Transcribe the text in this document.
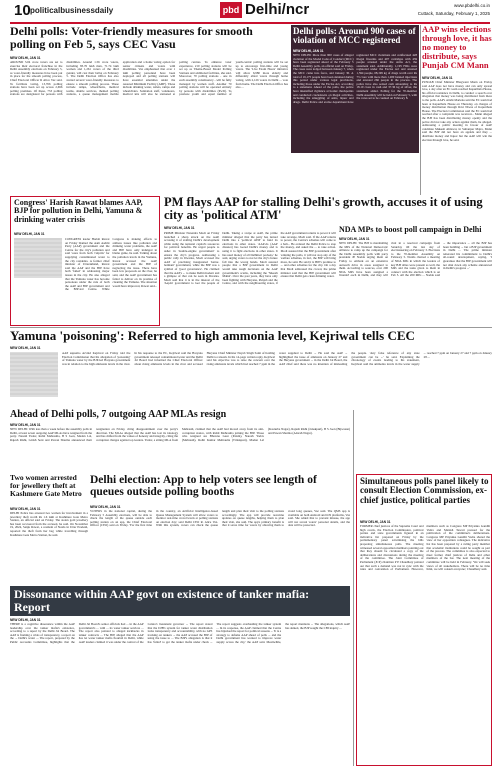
10 politicalbusinessdaily	pbd Delhi/ncr	www.pbdelhi.co.in
Cuttack, Saturday, February 1, 2025
Delhi polls: Voter-friendly measures for smooth polling on Feb 5, says CEC Vasu
NEW DELHI, JAN 31
AROUND 3.04 crore voters are set to exercise their electoral franchise in the Delhi Assembly elections on February 5, as voter-friendly measures have been put in place for the smooth polling process, Chief Electoral Officer R Alice Vaz said. To facilitate voting, 13,766 polling stations have been set up across 2,696 polling premises. Of these, 733 polling stations are designated for persons with disabilities. Around 1.56 crore voters, including 83.76 lakh men, 71.74 lakh women and 1,261 voters of the third gender, will cast their ballot on February 5. The Delhi Election Office has also started several voter-friendly measures to ensure a smooth polling process. These include ramps, wheelchairs, medical teams, shuttle services, themed polling stations, a queue management mobile application and a home voting option for senior citizens and voters with disabilities. Vaz emphasised that over 1 lakh polling personnel have been deployed and all polling stations will have essential amenities under the Assured Minimum Facility (AMF). These include drinking water, toilets, ramps and wheelchairs. Sanitation staff, volunteers, medical kits will also be stationed at polling centres. To enhance voter experience, 210 polling stations will be set up as Theme-Based Model Polling Stations and additional facilities, she said. Moreover, 70 polling stations - one in each assembly constituency - will be fully managed by women staff. Another 70 polling stations will be operated entirely by persons with disabilities (PwD). To promote youth and equal number of youth-centric polling stations will be set up to encourage first-time and young voters. The 'Live Exam Hours' initiative will allow 6,980 more elderly and differently abled voters through home voting, with 2,126 voters in Delhi ... vote from home. The Delhi Election Office has also ...
Delhi polls: Around 900 cases of violation of MCC registered
NEW DELHI, JAN 31
NEW DELHI: More than 900 cases of alleged violation of the Model Code of Conduct (MCC) have been registered ahead of the February 5 Delhi Assembly polls, an official said on Friday. The cases were lodged between January 7, when the MCC came into force, and January 30. A total of 19,175 people have been detained during this period under various legal provisions, including those under the Excise Act, according to a statement. Ahead of the polls, the police have intensified vigilance at border checkpoints and conducted crackdowns on illegal activities, including the smuggling of arms, liquor and drugs. Delhi Police and excise department have registered MCC violations and confiscated 428 illegal firearms and 497 cartridges with 439 people arrested under the Arms Act, the statement said. Additionally, 1,195 FIRs were registered under the Excise Act and arrested 1,594 people, 68,199 kg of drugs worth over Rs 73 crore with more than 1,200 banned injections and arrested 266 people in the process. The police have also seized cash amounting to Rs 18.10 crore in cash and 37.36 kg of silver, the statement added. Polling for the 70-member Delhi Assembly will be held on February 5, with the votes set to be counted on February 8.
AAP wins elections through love, it has no money to distribute, says Punjab CM Mann
NEW DELHI, JAN 31
PUNJAB Chief Minister Bhagwant Mann on Friday said AAP does not have money and can only spread love, a day after an EC team reached Kapurthala House, his official residence in Delhi, to conduct a search over allegation that money was being distributed from there to the polls. AAP's Atishi Marlena said the EC team had been at Kapurthala House on Thursday, on charges of money distribution through Ravi Niwas of Kapurthala House. The Election Commission said the EC team had reached after a complaint was received... Mann alleged the BJP has been distributing money openly and the police did not take any action against them, he alleged. Addressing a public meeting in favour of AAP candidate Mukesh Ahlawat, in Sultanpur Majra, Mann said the BJP did not have an agenda and they ... distribute money and liquor but the AAP will win the election through love, he said.
Congress' Harish Rawat blames AAP, BJP for pollution in Delhi, Yamuna & drinking water crisis
NEW DELHI, JAN 31
CONGRESS leader Harish Rawat on Friday blamed the Aam Aadmi Party (AAP) government and the Centre for the city's pollution and said votes from both 'culprits' for supplying contaminated water to the city residents. A former chief minister of Uttarakhand, Rawat said the AAP and the BJP have both 'failed' in addressing major issues in the city. He also alleged that the Yamuna water has become poisonous under the rule of both the AAP and BJP government and the BJP-led Centre. While Congress is making efforts to address issues like pollution and drinking water problems, the AAP and BJP have only indulged in blame game, he said. Talking about the pollution levels in the Yamuna, Rawat accused the AAP government and the BJP of neglecting the issue. There have been few proposals on the river, he said, and the AAP government has failed to deliver on its promise of cleaning the Yamuna. The situation would have improved, Rawat said...
PM flays AAP for stalling Delhi's growth, accuses it of using city as 'political ATM'
NEW DELHI, JAN 31
PRIME Minister Narendra Modi on Friday launched a sharp attack on the AAP, accusing it of stalling Delhi's development while using the national capital's resources for political benefits. He urged people to usher in 'double-engine government' to ensure the city's progress. Addressing a public rally in Dwarka, Modi accused the AAP of practising inaugurated 'kattar-beimani' government, while the BJP was a symbol of 'good governance'. He claimed that the AAP's ... to make Delhi modern and a glimpse of that can be seen in Dwarka. Modi said that it is in the interest of the 'Aapda' government to loot the people of Delhi. Taking a swipe at AAP, the prime minister alleged that the party has turned Delhi into a 'political ATM' to fund its elections in other states. 'AAP-da (AAP disaster) has looted Delhi's money and is using it to fight elections in other states. It has used money of all Delhiites' pockets,' he said, urging voters to not let the city's future fall into the wrong hands. Modi assured people that a BJP government in Delhi would take tough decisions on the AAP government's scams, including the 'Sheesh Mahal'. Over the past years, they have only been fighting with Haryana, Punjab and the Centre, and with the neighbouring states, if the AAP government returns to power it will take revenge, Modi said. If the AAP returns to power, the Centre's schemes will come to a halt... He ordered the Delhi Police to stop the money, and asked the ... to take action. Modi assured that the BJP government after winning the polls, it will not stop any of the welfare schemes, in fact, the BJP will bring more, he said. He said it is BJP's promise to ... and other schemes for the city. On a day that Modi addressed the crowd, the prime minister said that the BJP government will ensure that Delhi gets clean drinking water.
NDA MPs to boost poll campaign in Delhi
NEW DELHI, JAN 31
NEW DELHI: The BJP is marshalling the MPs of the National Democratic Alliance to ramp up the campaign for the Delhi Assembly polls with party president JP Nadda urging them on Friday to embark on an extensive outreach drive in areas assigned to them. According to sources, over 200 NDA MPs have been assigned a 'mandal' each in Delhi, and they will visit in a resolved campaign from Saturday till the last day of electioneering on February 3. Elections to the 70-member Assembly on February 5. Nadda chaired a meeting of NDA MPs in which the leaders of key BJP allies were present as well, the MPs and the tasks given to them in connect with the election which is on Feb 5. All the 200 MPs ... Nadda said ... the importance ... all the BJP has been building ... but a BJP government in Delhi ... The prime minister reiterated his commitment to Delhi's all-round development, saying, 'I guarantee that the BJP government will not shut down any scheme announced in Delhi's progress ...'
Yamuna 'poisoning': Referred to high ammonia level, Kejriwal tells CEC
NEW DELHI, JAN 31
AAP supremo Arvind Kejriwal on Friday told the Election Commission that his allegation of 'poisoning' of Yamuna water by the BJP-led Haryana government was in relation to the high ammonia levels in the river. In his response to the EC, Kejriwal said the Haryana government released contaminated water and the Delhi Jal Board had informed the Chief Electoral Officer about rising ammonia levels in the river and accused Haryana Chief Minister Nayab Singh Saini of holding Delhi to ransom. In his 14-page written reply, Kejriwal said his objective was to raise the concern over the rising ammonia levels which had reached 7 ppm in the water supplied to Delhi ... He said the AAP ... highlighted the issue of ammonia on January 27 and the Haryana government ... in the Delhi Jal Board, the AAP chief said there was no intention of misleading the people. 'Any false reference of any state government can be ...' he said. Explaining the chronology of events leading to his statement, Kejriwal said the ammonia levels in the water supply ... reached 7 ppm on January 27 and 7 ppm on January 28 ...
Ahead of Delhi polls, 7 outgoing AAP MLAs resign
NEW DELHI, JAN 31
NEW DELHI: With less than a week before the assembly polls in Delhi, at least seven outgoing AAP MLAs have resigned from the party. Naresh Yadav, Rohit Mehraulia, B S Joon, Madan Lal, Rajesh Rishi, Girish Soni and Pawan Sharma announced their resignation on Friday, citing disappointment over the party's direction. The MLAs alleged that the AAP has lost its ideology and has drifted from the values of honesty and integrity, citing the corruption charges against top leaders. Yadav, a sitting MLA from Mehrauli, claimed that the AAP had moved away from its anti-corruption stance, with Rohit Mehraulia joining the BJP. Those who resigned are Bhawna Gaur (Palam), Naresh Yadav (Mehrauli), Rohit Kumar Mehraulia (Trilokpuri), Madan Lal (Kasturba Nagar), Rajesh Rishi (Janakpuri), B S Joon (Bijwasan) and Pawan Sharma (Adarsh Nagar).
Two women arrested for jewellery theft at Kashmere Gate Metro
NEW DELHI, JAN 31
DELHI Police has arrested two women for involvement in a jewellery theft worth Rs 1.6 lakh at Kashmere Gate Metro Station, an official said on Friday. The stolen gold jewellery has been recovered from the accused, he said. On November 19, 2024, Sanju Rawat, a resident of Noida in Uttar Pradesh, reported the theft from her bag while travelling through Kashmere Gate Metro Station, he said.
Delhi election: App to help voters see length of queues outside polling booths
NEW DELHI, JAN 31
VOTERS in the national capital, during the February 5 Assembly elections, will be able to check the length of the queue outside each polling station on an app, the Chief Electoral Officer (CEO) said on Friday. 'For the first time in the country, an Artificial Intelligence-based Queue Management System will allow voters to monitor real-time crowd levels at polling stations on election day,' said Delhi CEO R. Alice Vaz. With this system, voters can check the queue length and plan their visit to the polling stations accordingly. The app will provide real-time updates on queue lengths, helping them to plan their visit, she said. The app's primary benefit is that it saves time for voters by allowing them to avoid long queues, Vaz said. The QMS app is available on both Android and iOS platforms, Vaz said. She added that to prevent misuse, the app will not reveal voters' personal details, and the data will be protected.
Dissonance within AAP govt on existence of tanker mafia: Report
NEW DELHI, JAN 31
THERE is a cognitive dissonance within the AAP leadership over the tanker mafia's existence, according to a report by the Delhi Jal Board. The AAP is framing a crisis of transparency, a report on the ... Delhi's water ... The report, prepared by the Public Accounts Committee, highlights that the Delhi Jal Board's senior officials had ... in the AAP government's ... with ... its water tanker services ... The report also pointed to alleged kickbacks in tanker contracts ... The BJP alleged that the AAP has let water tanker mafia flourish in Delhi, while AAP leaders claimed it was under the control of the Centre's lieutenant governor ... The report stated that the DJB's system for tanker water distribution lacks transparency and accountability, with no GPS tracking on tankers ... the AAP accused the BJP of using the issue to ... The BJP's allegation is that it has 'failed' to get the tanker mafia under check ... The report suggests overhauling the tanker system ... In its response, the AAP claimed that the Centre has hijacked the report for political reasons ... 'It is a strategy to defame AAP ahead of polls ... and the Delhi government has worked to improve water supply across the city,' the AAP said. Meanwhile, the report mentions ... The allegations, which AAP has denied, the BJP sought the CBI inquiry ...
Simultaneous polls panel likely to consult Election Commission, ex-chief justice, political parties
NEW DELHI, JAN 31
FORMER chief justices of the Supreme Court and high courts, the Election Commission, political parties and state governments figured in an indicative list prepared on Friday by the parliamentary panel scrutinising the bills proposing simultaneous polls. The meeting witnessed several opposition members pointing out that they should be circulated a copy of the deliberations and discussions during the meeting of the committee. The Joint Committee of Parliament (JCP) chairman P P Chaudhary pointed out that such a demand was not in sync with the rules and convention of Parliament. However, members such as Congress MP Priyanka Gandhi Vadra and Manish Tewari pressed for the publication of the committee's deliberations. Congress MP Priyanka Gandhi Vadra shared the view of her opposition colleagues. The indicative list has been prepared by a ruling party member that academic institutions could be sought as part of the process. The committee is also expected to meet former chief justices of India and other members of the bar. The next meeting of the committee will be held in February. 'We will seek views of all stakeholders. There will be no time limit, we will consult everyone,' Chaudhary said.
